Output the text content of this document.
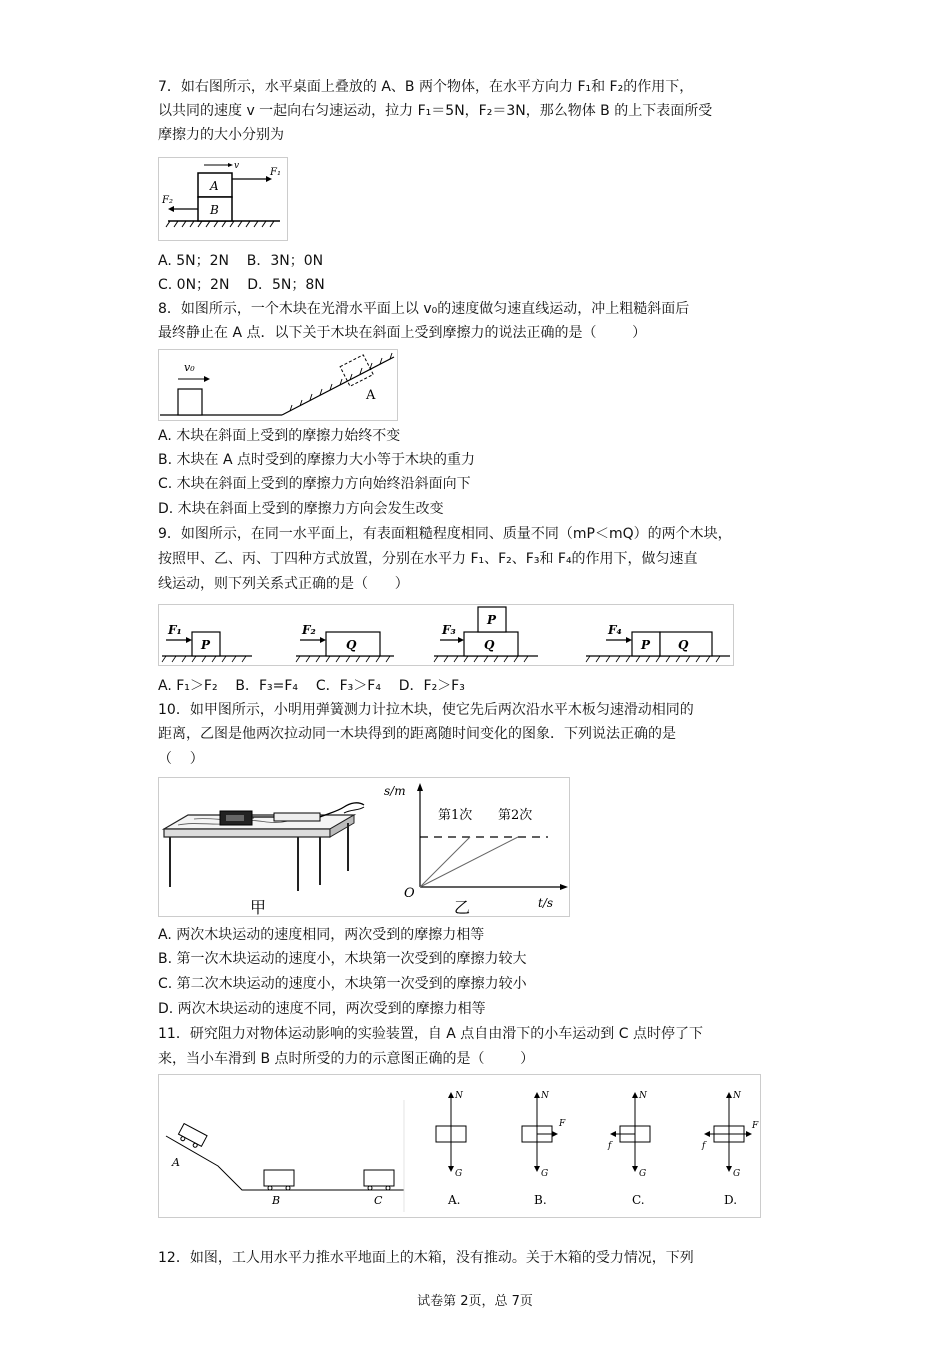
7．如右图所示，水平桌面上叠放的 A、B 两个物体，在水平方向力 F₁和 F₂的作用下，
以共同的速度 v 一起向右匀速运动，拉力 F₁＝5N，F₂＝3N，那么物体 B 的上下表面所受
摩擦力的大小分别为
A
B
F₁
F₂
v
A. 5N；2N    B．3N；0N
C. 0N；2N    D．5N；8N
8．如图所示，一个木块在光滑水平面上以 v₀的速度做匀速直线运动，冲上粗糙斜面后
最终静止在 A 点．以下关于木块在斜面上受到摩擦力的说法正确的是（        ）
v₀
A
A. 木块在斜面上受到的摩擦力始终不变
B. 木块在 A 点时受到的摩擦力大小等于木块的重力
C. 木块在斜面上受到的摩擦力方向始终沿斜面向下
D. 木块在斜面上受到的摩擦力方向会发生改变
9．如图所示，在同一水平面上，有表面粗糙程度相同、质量不同（mP＜mQ）的两个木块，
按照甲、乙、丙、丁四种方式放置，分别在水平力 F₁、F₂、F₃和 F₄的作用下，做匀速直
线运动，则下列关系式正确的是（      ）
P
F₁
Q
F₂
Q
P
F₃
P Q
F₄
A. F₁＞F₂    B．F₃=F₄    C．F₃＞F₄    D．F₂＞F₃
10．如甲图所示，小明用弹簧测力计拉木块，使它先后两次沿水平木板匀速滑动相同的
距离，乙图是他两次拉动同一木块得到的距离随时间变化的图象．下列说法正确的是
（    ）
甲
s/m
t/s
O
第1次 第2次
乙
A. 两次木块运动的速度相同，两次受到的摩擦力相等
B. 第一次木块运动的速度小，木块第一次受到的摩擦力较大
C. 第二次木块运动的速度小，木块第一次受到的摩擦力较小
D. 两次木块运动的速度不同，两次受到的摩擦力相等
11．研究阻力对物体运动影响的实验装置，自 A 点自由滑下的小车运动到 C 点时停了下
来，当小车滑到 B 点时所受的力的示意图正确的是（        ）
A
B	C
N
G
A.
N
F
G
B.
N
f
G
C.
N
F
f
G
D.
12．如图，工人用水平力推水平地面上的木箱，没有推动。关于木箱的受力情况，下列
试卷第 2页，总 7页
